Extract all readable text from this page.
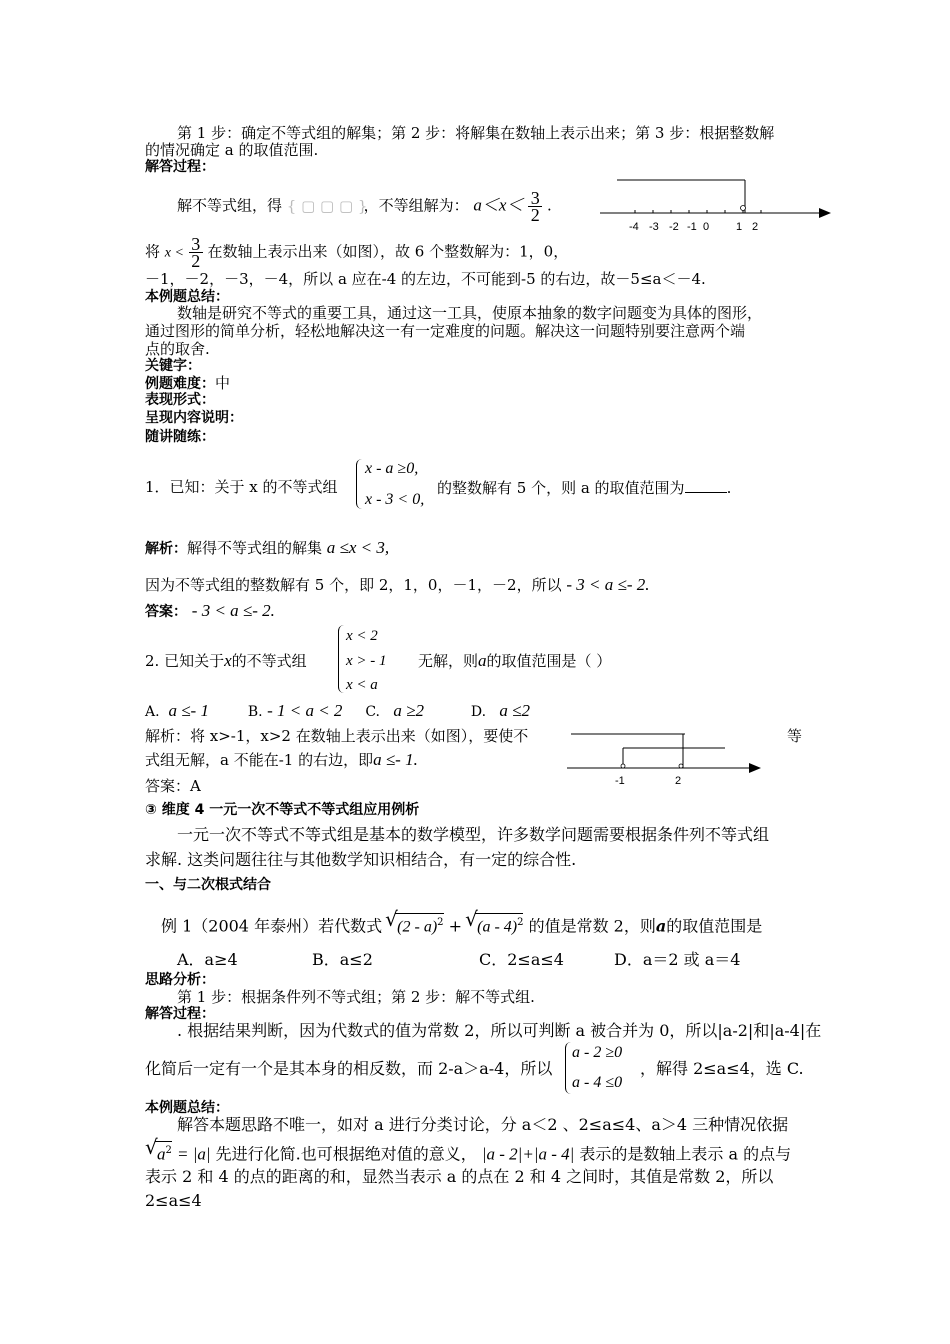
第 1 步：确定不等式组的解集；第 2 步：将解集在数轴上表示出来；第 3 步：根据整数解
的情况确定 a 的取值范围.
解答过程：
解不等式组，得 { ▢ ▢ ▢ } ，不等组解为： $a<x< \frac{3}{2}$ .
-4 -3 -2 -1 0 1 2
将 $x < \frac{3}{2}$ 在数轴上表示出来（如图），故 6 个整数解为：1，0，
－1，－2，－3，－4，所以 a 应在-4 的左边，不可能到-5 的右边，故－5≤a＜－4.
本例题总结：
数轴是研究不等式的重要工具，通过这一工具，使原本抽象的数字问题变为具体的图形，
通过图形的简单分析，轻松地解决这一有一定难度的问题。解决这一问题特别要注意两个端
点的取舍.
关键字：
例题难度：中
表现形式：
呈现内容说明：
随讲随练：
1．已知：关于 x 的不等式组
x - a ≥0,
x - 3 < 0,
的整数解有 5 个，则 a 的取值范围为	.
解析：解得不等式组的解集 a ≤x < 3,
因为不等式组的整数解有 5 个，即 2，1，0，－1，－2，所以 - 3 < a ≤- 2.
答案： - 3 < a ≤- 2.
2. 已知关于x的不等式组
x < 2
x > - 1
x < a
无解，则a的取值范围是（ ）
A. a ≤- 1	B. - 1 < a < 2 C. a ≥2	D. a ≤2
解析：将 x>-1，x>2 在数轴上表示出来（如图），要使不	等
式组无解，a 不能在-1 的右边，即a ≤- 1.
答案：A	-1	2
③ 维度 4 一元一次不等式不等式组应用例析
一元一次不等式不等式组是基本的数学模型，许多数学问题需要根据条件列不等式组
求解. 这类问题往往与其他数学知识相结合，有一定的综合性.
一、与二次根式结合
例 1（2004 年泰州）若代数式 √ (2 - a)$^2$ + √ (a - 4)$^2$ 的值是常数 2，则a的取值范围是
A．a≥4	B．a≤2	C．2≤a≤4	D．a＝2 或 a＝4
思路分析：
第 1 步：根据条件列不等式组；第 2 步：解不等式组.
解答过程：
. 根据结果判断，因为代数式的值为常数 2，所以可判断 a 被合并为 0，所以|a-2|和|a-4|在
化简后一定有一个是其本身的相反数，而 2-a＞a-4，所以
a - 2 ≥0
a - 4 ≤0
，解得 2≤a≤4，选 C.
本例题总结：
解答本题思路不唯一，如对 a 进行分类讨论，分 a＜2 、2≤a≤4、a＞4 三种情况依据
√ $a^2 = |a|$ 先进行化简.也可根据绝对值的意义， |a - 2|+|a - 4| 表示的是数轴上表示 a 的点与
表示 2 和 4 的点的距离的和，显然当表示 a 的点在 2 和 4 之间时，其值是常数 2，所以
2≤a≤4
